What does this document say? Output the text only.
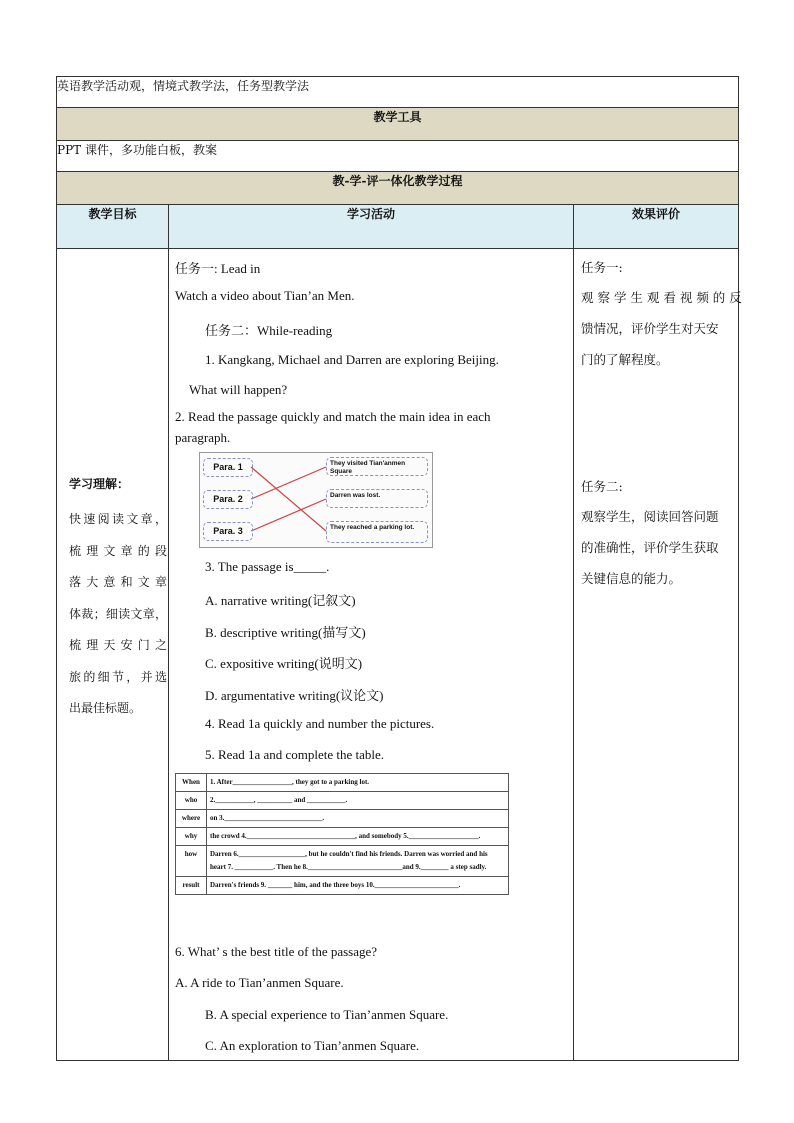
英语教学活动观，情境式教学法，任务型教学法
教学工具
PPT 课件，多功能白板，教案
教-学-评一体化教学过程
教学目标	学习活动	效果评价

学习理解：
快速阅读文章，
梳 理 文 章 的 段
落 大 意 和 文 章
体裁；细读文章，
梳 理 天 安 门 之
旅的细节，并选
出最佳标题。

任务一: Lead in
Watch a video about Tian’an Men.
任务二：While-reading
1. Kangkang, Michael and Darren are exploring Beijing.
What will happen?
2. Read the passage quickly and match the main idea in each
paragraph.
Para. 1
Para. 2
Para. 3
They visited Tian'anmen Square
Darren was lost.
They reached a parking lot.
3. The passage is_____.
A. narrative writing(记叙文)
B. descriptive writing(描写文)
C. expositive writing(说明文)
D. argumentative writing(议论文)
4. Read 1a quickly and number the pictures.
5. Read 1a and complete the table.
When	1. After_________________, they got to a parking lot.
who	2.___________, __________ and ___________.
where	on 3.____________________________.
why	the crowd 4._______________________________, and somebody 5.____________________.
how	Darren 6.___________________, but he couldn't find his friends. Darren was worried and his heart 7. ___________. Then he 8.___________________________and 9.________ a step sadly.
result	Darren's friends 9. _______ him, and the three boys 10.________________________.
6. What’ s the best title of the passage?
A. A ride to Tian’anmen Square.
B. A special experience to Tian’anmen Square.
C. An exploration to Tian’anmen Square.

任务一:
观 察 学 生 观 看 视 频 的 反
馈情况，评价学生对天安
门的了解程度。
任务二:
观察学生，阅读回答问题
的准确性，评价学生获取
关键信息的能力。
